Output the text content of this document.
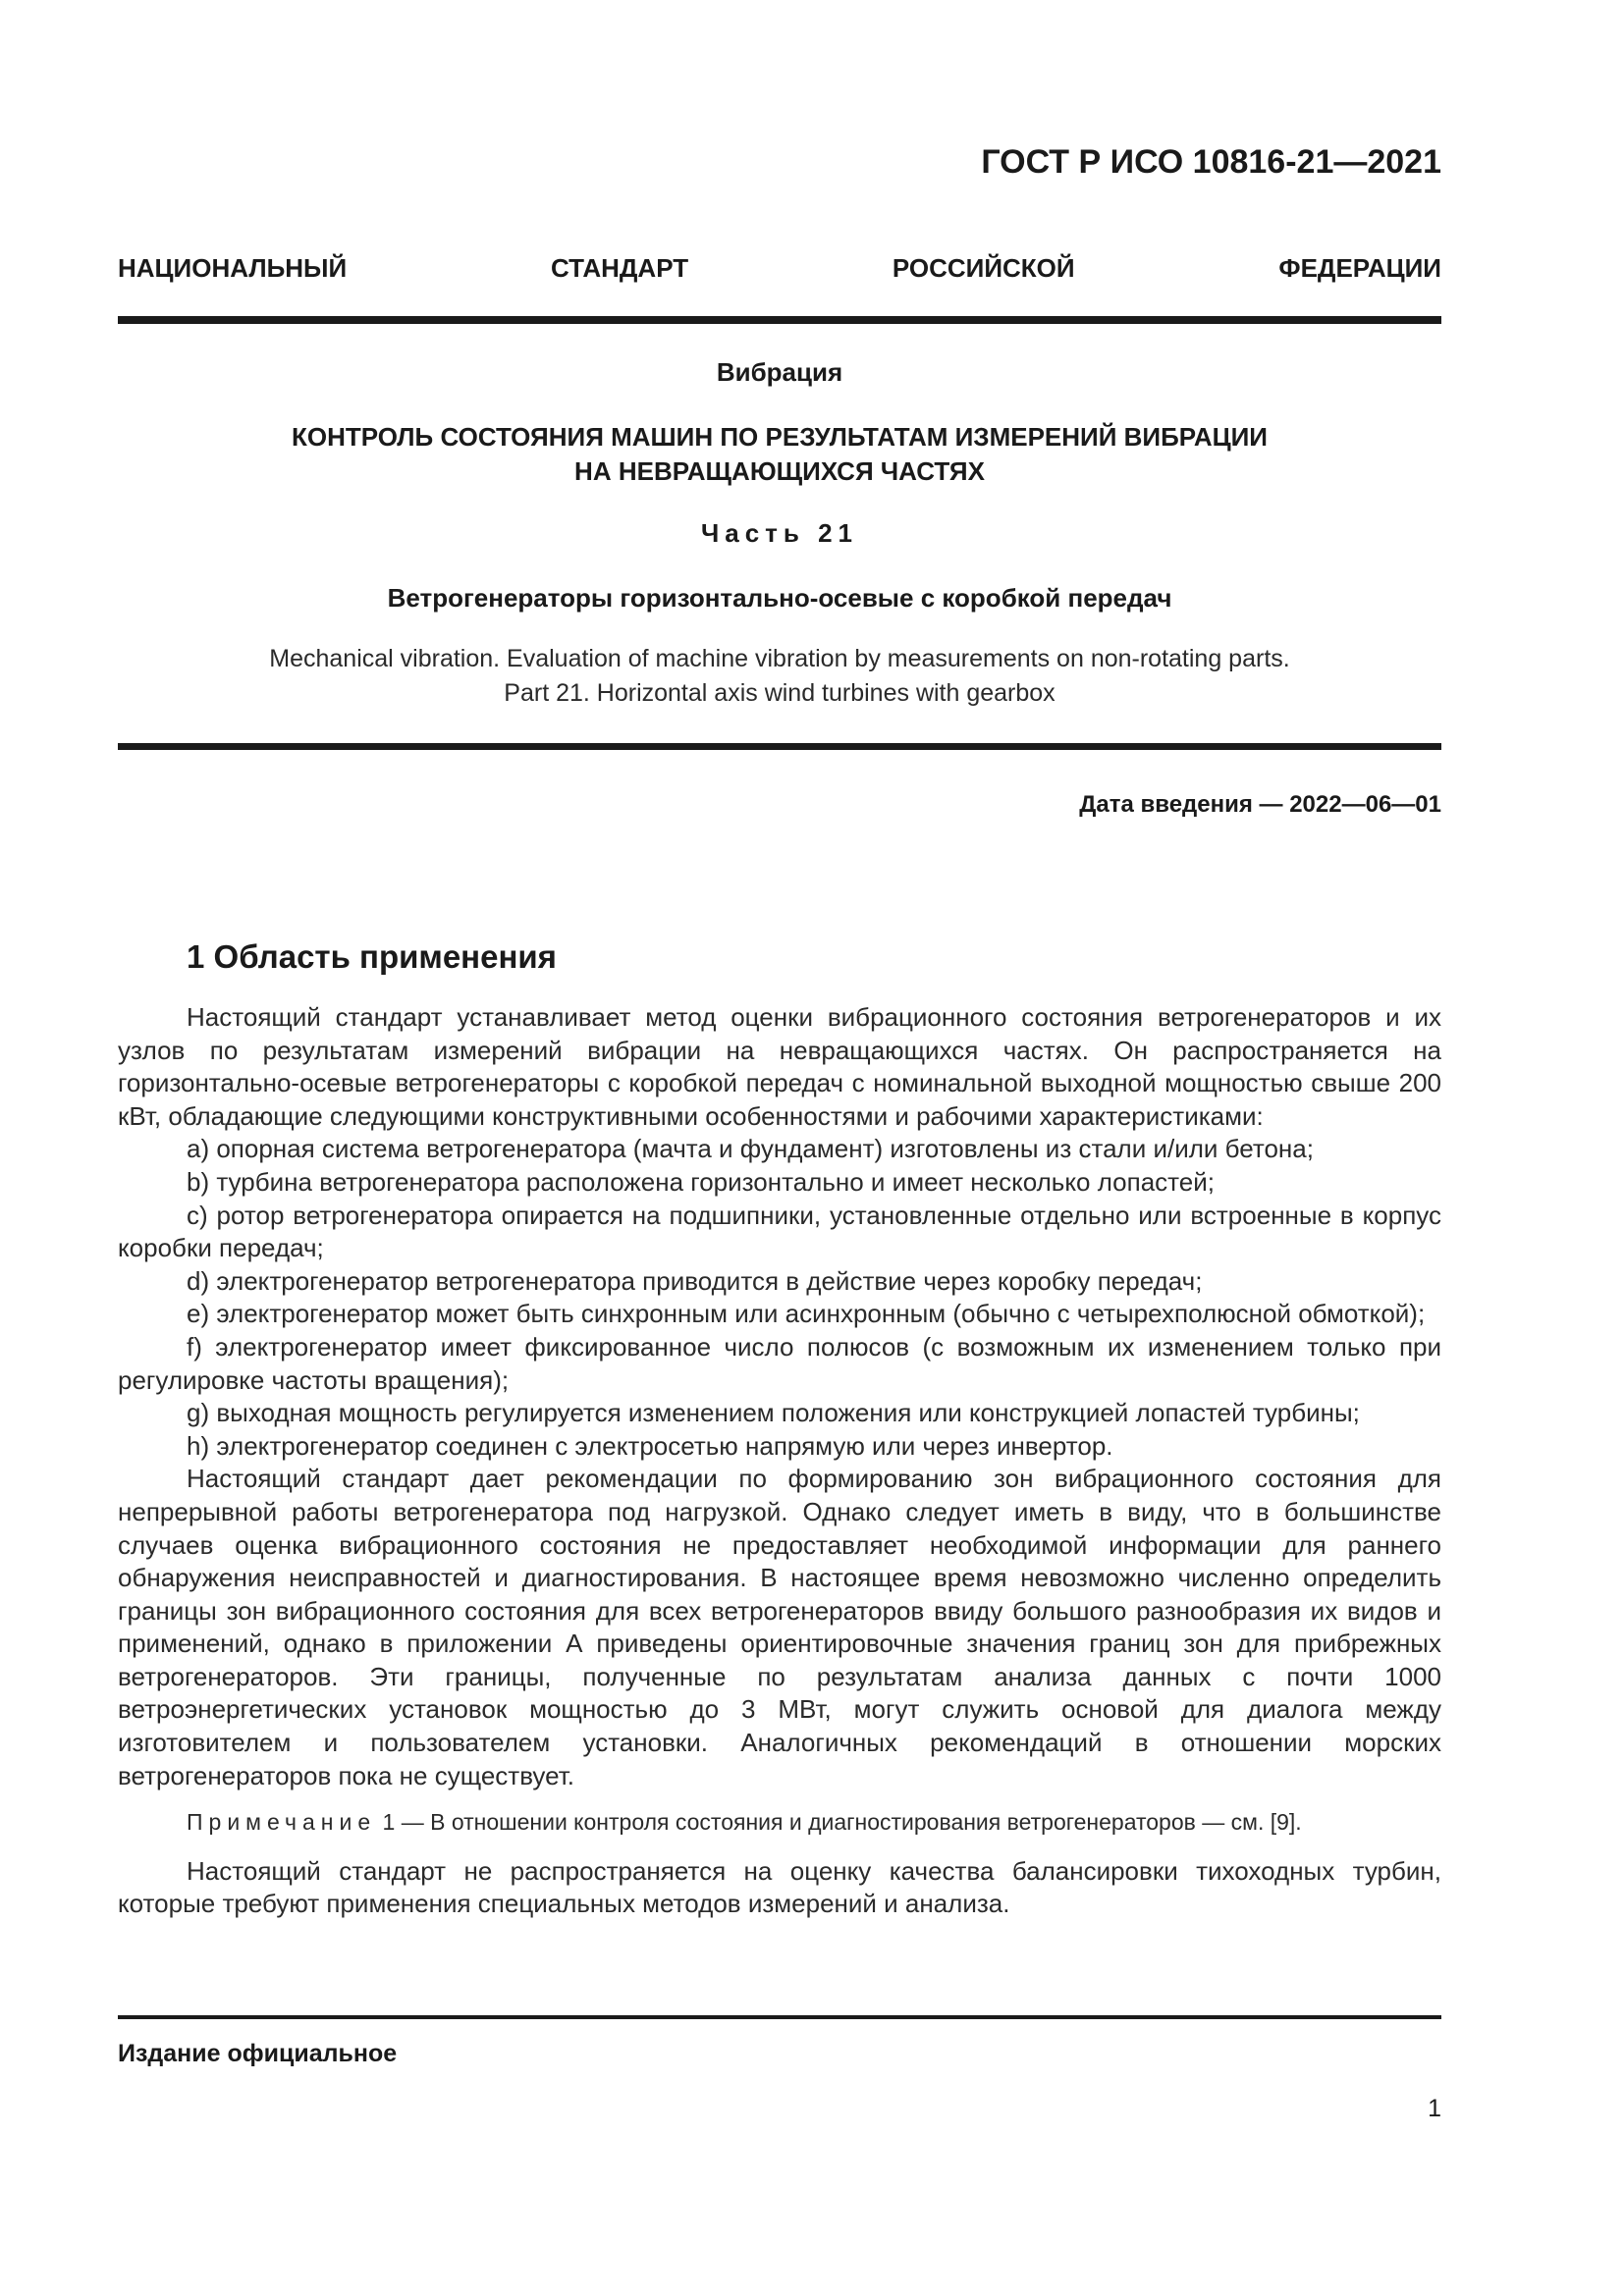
ГОСТ Р ИСО 10816-21—2021
НАЦИОНАЛЬНЫЙ СТАНДАРТ РОССИЙСКОЙ ФЕДЕРАЦИИ
Вибрация
КОНТРОЛЬ СОСТОЯНИЯ МАШИН ПО РЕЗУЛЬТАТАМ ИЗМЕРЕНИЙ ВИБРАЦИИ
НА НЕВРАЩАЮЩИХСЯ ЧАСТЯХ
Часть 21
Ветрогенераторы горизонтально-осевые с коробкой передач
Mechanical vibration. Evaluation of machine vibration by measurements on non-rotating parts.
Part 21. Horizontal axis wind turbines with gearbox
Дата введения — 2022—06—01
1 Область применения

Настоящий стандарт устанавливает метод оценки вибрационного состояния ветрогенераторов и их узлов по результатам измерений вибрации на невращающихся частях. Он распространяется на горизонтально-осевые ветрогенераторы с коробкой передач с номинальной выходной мощностью свыше 200 кВт, обладающие следующими конструктивными особенностями и рабочими характеристиками:

a) опорная система ветрогенератора (мачта и фундамент) изготовлены из стали и/или бетона;

b) турбина ветрогенератора расположена горизонтально и имеет несколько лопастей;

c) ротор ветрогенератора опирается на подшипники, установленные отдельно или встроенные в корпус коробки передач;

d) электрогенератор ветрогенератора приводится в действие через коробку передач;

e) электрогенератор может быть синхронным или асинхронным (обычно с четырехполюсной обмоткой);

f) электрогенератор имеет фиксированное число полюсов (с возможным их изменением только при регулировке частоты вращения);

g) выходная мощность регулируется изменением положения или конструкцией лопастей турбины;

h) электрогенератор соединен с электросетью напрямую или через инвертор.

Настоящий стандарт дает рекомендации по формированию зон вибрационного состояния для непрерывной работы ветрогенератора под нагрузкой. Однако следует иметь в виду, что в большинстве случаев оценка вибрационного состояния не предоставляет необходимой информации для раннего обнаружения неисправностей и диагностирования. В настоящее время невозможно численно определить границы зон вибрационного состояния для всех ветрогенераторов ввиду большого разнообразия их видов и применений, однако в приложении А приведены ориентировочные значения границ зон для прибрежных ветрогенераторов. Эти границы, полученные по результатам анализа данных с почти 1000 ветроэнергетических установок мощностью до 3 МВт, могут служить основой для диалога между изготовителем и пользователем установки. Аналогичных рекомендаций в отношении морских ветрогенераторов пока не существует.

Примечание 1 — В отношении контроля состояния и диагностирования ветрогенераторов — см. [9].

Настоящий стандарт не распространяется на оценку качества балансировки тихоходных турбин, которые требуют применения специальных методов измерений и анализа.

Издание официальное
1
